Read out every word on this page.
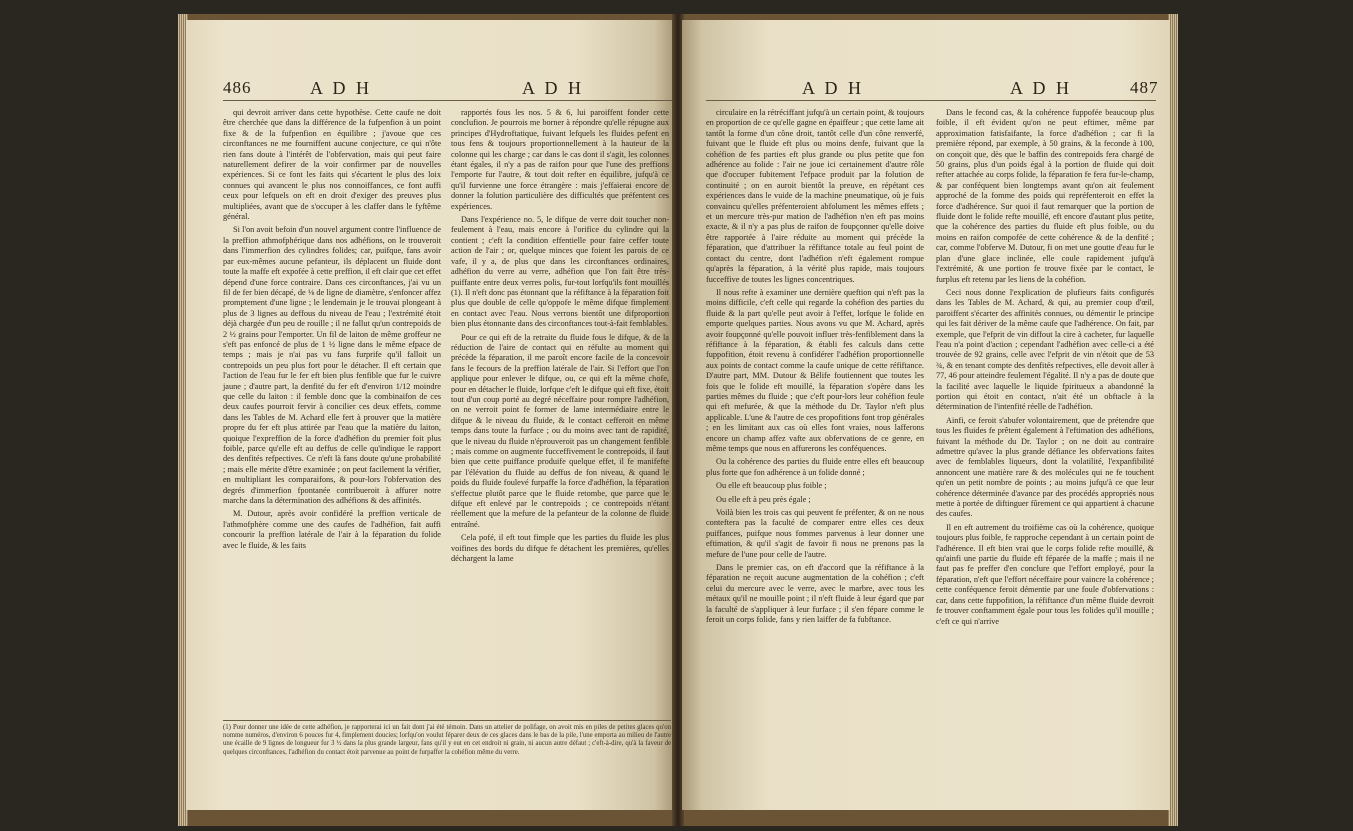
486	A D H	A D H

qui devroit arriver dans cette hypothèse. Cette caufe ne doit être cherchée que dans la différence de la fufpenfion à un point fixe & de la fufpenfion en équilibre ; j'avoue que ces circonftances ne me fourniffent aucune conjecture, ce qui n'ôte rien fans doute à l'intérêt de l'obfervation, mais qui peut faire naturellement defirer de la voir confirmer par de nouvelles expériences. Si ce font les faits qui s'écartent le plus des loix connues qui avancent le plus nos connoiffances, ce font auffi ceux pour lefquels on eft en droit d'exiger des preuves plus multipliées, avant que de s'occuper à les claffer dans le fyftême général.

Si l'on avoit befoin d'un nouvel argument contre l'influence de la preffion athmofphérique dans nos adhéfions, on le trouveroit dans l'immerfion des cylindres folides; car, puifque, fans avoir par eux-mêmes aucune pefanteur, ils déplacent un fluide dont toute la maffe eft expofée à cette preffion, il eft clair que cet effet dépend d'une force contraire. Dans ces circonftances, j'ai vu un fil de fer bien décapé, de ⅛ de ligne de diamètre, s'enfoncer affez promptement d'une ligne ; le lendemain je le trouvai plongeant à plus de 3 lignes au deffous du niveau de l'eau ; l'extrémité étoit déjà chargée d'un peu de rouille ; il ne fallut qu'un contrepoids de 2 ½ grains pour l'emporter. Un fil de laiton de même groffeur ne s'eft pas enfoncé de plus de 1 ½ ligne dans le même efpace de temps ; mais je n'ai pas vu fans furprife qu'il falloit un contrepoids un peu plus fort pour le détacher. Il eft certain que l'action de l'eau fur le fer eft bien plus fenfible que fur le cuivre jaune ; d'autre part, la denfité du fer eft d'environ 1/12 moindre que celle du laiton : il femble donc que la combinaifon de ces deux caufes pourroit fervir à concilier ces deux effets, comme dans les Tables de M. Achard elle fert à prouver que la matière propre du fer eft plus attirée par l'eau que la matière du laiton, quoique l'expreffion de la force d'adhéfion du premier foit plus foible, parce qu'elle eft au deffus de celle qu'indique le rapport des denfités refpectives. Ce n'eft là fans doute qu'une probabilité ; mais elle mérite d'être examinée ; on peut facilement la vérifier, en multipliant les comparaifons, & pour-lors l'obfervation des degrés d'immerfion fpontanée contribueroit à affurer notre marche dans la détermination des adhéfions & des affinités.

M. Dutour, après avoir confidéré la preffion verticale de l'athmofphère comme une des caufes de l'adhéfion, fait auffi concourir la preffion latérale de l'air à la féparation du folide avec le fluide, & les faits

rapportés fous les nos. 5 & 6, lui paroiffent fonder cette conclufion. Je pourrois me borner à répondre qu'elle répugne aux principes d'Hydroftatique, fuivant lefquels les fluides pefent en tous fens & toujours proportionnellement à la hauteur de la colonne qui les charge ; car dans le cas dont il s'agit, les colonnes étant égales, il n'y a pas de raifon pour que l'une des preffions l'emporte fur l'autre, & tout doit refter en équilibre, jufqu'à ce qu'il furvienne une force étrangère : mais j'effaierai encore de donner la folution particulière des difficultés que préfentent ces expériences.

Dans l'expérience no. 5, le difque de verre doit toucher non-feulement à l'eau, mais encore à l'orifice du cylindre qui la contient ; c'eft la condition effentielle pour faire ceffer toute action de l'air ; or, quelque minces que foient les parois de ce vafe, il y a, de plus que dans les circonftances ordinaires, adhéfion du verre au verre, adhéfion que l'on fait être très-puiffante entre deux verres polis, fur-tout lorfqu'ils font mouillés (1). Il n'eft donc pas étonnant que la réfiftance à la féparation foit plus que double de celle qu'oppofe le même difque fimplement en contact avec l'eau. Nous verrons bientôt une difproportion bien plus étonnante dans des circonftances tout-à-fait femblables.

Pour ce qui eft de la retraite du fluide fous le difque, & de la réduction de l'aire de contact qui en réfulte au moment qui précède la féparation, il me paroît encore facile de la concevoir fans le fecours de la preffion latérale de l'air. Si l'effort que l'on applique pour enlever le difque, ou, ce qui eft la même chofe, pour en détacher le fluide, lorfque c'eft le difque qui eft fixe, étoit tout d'un coup porté au degré néceffaire pour rompre l'adhéfion, on ne verroit point fe former de lame intermédiaire entre le difque & le niveau du fluide, & le contact cefferoit en même temps dans toute la furface ; ou du moins avec tant de rapidité, que le niveau du fluide n'éprouveroit pas un changement fenfible ; mais comme on augmente fucceffivement le contrepoids, il faut bien que cette puiffance produife quelque effet, il fe manifefte par l'élévation du fluide au deffus de fon niveau, & quand le poids du fluide foulevé furpaffe la force d'adhéfion, la féparation s'effectue plutôt parce que le fluide retombe, que parce que le difque eft enlevé par le contrepoids ; ce contrepoids n'étant réellement que la mefure de la pefanteur de la colonne de fluide entraîné.

Cela pofé, il eft tout fimple que les parties du fluide les plus voifines des bords du difque fe détachent les premières, qu'elles déchargent la lame

(1) Pour donner une idée de cette adhéfion, je rapporterai ici un fait dont j'ai été témoin. Dans un attelier de polifage, on avoit mis en piles de petites glaces qu'on nomme numéros, d'environ 6 pouces fur 4, fimplement doucies; lorfqu'on voulut féparer deux de ces glaces dans le bas de la pile, l'une emporta au milieu de l'autre une écaille de 9 lignes de longueur fur 3 ½ dans la plus grande largeur, fans qu'il y eut en cet endroit ni grain, ni aucun autre défaut ; c'eft-à-dire, qu'à la faveur de quelques circonftances, l'adhéfion du contact étoit parvenue au point de furpaffer la cohéfion même du verre.
A D H	A D H	487

circulaire en la rétréciffant jufqu'à un certain point, & toujours en proportion de ce qu'elle gagne en épaiffeur ; que cette lame ait tantôt la forme d'un cône droit, tantôt celle d'un cône renverfé, fuivant que le fluide eft plus ou moins denfe, fuivant que la cohéfion de fes parties eft plus grande ou plus petite que fon adhérence au folide : l'air ne joue ici certainement d'autre rôle que d'occuper fubitement l'efpace produit par la folution de continuité ; on en auroit bientôt la preuve, en répétant ces expériences dans le vuide de la machine pneumatique, où je fuis convaincu qu'elles préfenteroient abfolument les mêmes effets ; et un mercure très-pur mation de l'adhéfion n'en eft pas moins exacte, & il n'y a pas plus de raifon de foupçonner qu'elle doive être rapportée à l'aire réduite au moment qui précède la féparation, que d'attribuer la réfiftance totale au feul point de contact du centre, dont l'adhéfion n'eft également rompue qu'après la féparation, à la vérité plus rapide, mais toujours fucceffive de toutes les lignes concentriques.

Il nous refte à examiner une dernière queftion qui n'eft pas la moins difficile, c'eft celle qui regarde la cohéfion des parties du fluide & la part qu'elle peut avoir à l'effet, lorfque le folide en emporte quelques parties. Nous avons vu que M. Achard, après avoir foupçonné qu'elle pouvoit influer très-fenfiblement dans la réfiftance à la féparation, & établi fes calculs dans cette fuppofition, étoit revenu à confidérer l'adhéfion proportionnelle aux points de contact comme la caufe unique de cette réfiftance. D'autre part, MM. Dutour & Bélife foutiennent que toutes les fois que le folide eft mouillé, la féparation s'opère dans les parties mêmes du fluide ; que c'eft pour-lors leur cohéfion feule qui eft mefurée, & que la méthode du Dr. Taylor n'eft plus applicable. L'une & l'autre de ces propofitions font trop générales ; en les limitant aux cas où elles font vraies, nous lafferons encore un champ affez vafte aux obfervations de ce genre, en même temps que nous en affurerons les conféquences.

Ou la cohérence des parties du fluide entre elles eft beaucoup plus forte que fon adhérence à un folide donné ;

Ou elle eft beaucoup plus foible ;

Ou elle eft à peu près égale ;

Voilà bien les trois cas qui peuvent fe préfenter, & on ne nous conteftera pas la faculté de comparer entre elles ces deux puiffances, puifque nous fommes parvenus à leur donner une eftimation, & qu'il s'agit de favoir fi nous ne prenons pas la mefure de l'une pour celle de l'autre.

Dans le premier cas, on eft d'accord que la réfiftance à la féparation ne reçoit aucune augmentation de la cohéfion ; c'eft celui du mercure avec le verre, avec le marbre, avec tous les métaux qu'il ne mouille point ; il n'eft fluide à leur égard que par la faculté de s'appliquer à leur furface ; il s'en fépare comme le feroit un corps folide, fans y rien laiffer de fa fubftance.

Dans le fecond cas, & la cohérence fuppofée beaucoup plus foible, il eft évident qu'on ne peut eftimer, même par approximation fatisfaifante, la force d'adhéfion ; car fi la première répond, par exemple, à 50 grains, & la feconde à 100, on conçoit que, dès que le baffin des contrepoids fera chargé de 50 grains, plus d'un poids égal à la portion de fluide qui doit refter attachée au corps folide, la féparation fe fera fur-le-champ, & par conféquent bien longtemps avant qu'on ait feulement approché de la fomme des poids qui repréfenteroit en effet la force d'adhérence. Sur quoi il faut remarquer que la portion de fluide dont le folide refte mouillé, eft encore d'autant plus petite, que la cohérence des parties du fluide eft plus foible, ou du moins en raifon compofée de cette cohérence & de la denfité ; car, comme l'obferve M. Dutour, fi on met une goutte d'eau fur le plan d'une glace inclinée, elle coule rapidement jufqu'à l'extrémité, & une portion fe trouve fixée par le contact, le furplus eft retenu par les liens de la cohéfion.

Ceci nous donne l'explication de plufieurs faits configurés dans les Tables de M. Achard, & qui, au premier coup d'œil, paroiffent s'écarter des affinités connues, ou démentir le principe qui les fait dériver de la même caufe que l'adhérence. On fait, par exemple, que l'efprit de vin diffout la cire à cacheter, fur laquelle l'eau n'a point d'action ; cependant l'adhéfion avec celle-ci a été trouvée de 92 grains, celle avec l'efprit de vin n'étoit que de 53 ¾, & en tenant compte des denfités refpectives, elle devoit aller à 77, 46 pour atteindre feulement l'égalité. Il n'y a pas de doute que la facilité avec laquelle le liquide fpiritueux a abandonné la portion qui étoit en contact, n'ait été un obftacle à la détermination de l'intenfité réelle de l'adhéfion.

Ainfi, ce feroit s'abufer volontairement, que de prétendre que tous les fluides fe prêtent également à l'eftimation des adhéfions, fuivant la méthode du Dr. Taylor ; on ne doit au contraire admettre qu'avec la plus grande défiance les obfervations faites avec de femblables liqueurs, dont la volatilité, l'expanfibilité annoncent une matière rare & des molécules qui ne fe touchent qu'en un petit nombre de points ; au moins jufqu'à ce que leur cohérence déterminée d'avance par des procédés appropriés nous mette à portée de diftinguer fûrement ce qui appartient à chacune des caufes.

Il en eft autrement du troifième cas où la cohérence, quoique toujours plus foible, fe rapproche cependant à un certain point de l'adhérence. Il eft bien vrai que le corps folide refte mouillé, & qu'ainfi une partie du fluide eft féparée de la maffe ; mais il ne faut pas fe preffer d'en conclure que l'effort employé, pour la féparation, n'eft que l'effort néceffaire pour vaincre la cohérence ; cette conféquence feroit démentie par une foule d'obfervations : car, dans cette fuppofition, la réfiftance d'un même fluide devroit fe trouver conftamment égale pour tous les folides qu'il mouille ; c'eft ce qui n'arrive
